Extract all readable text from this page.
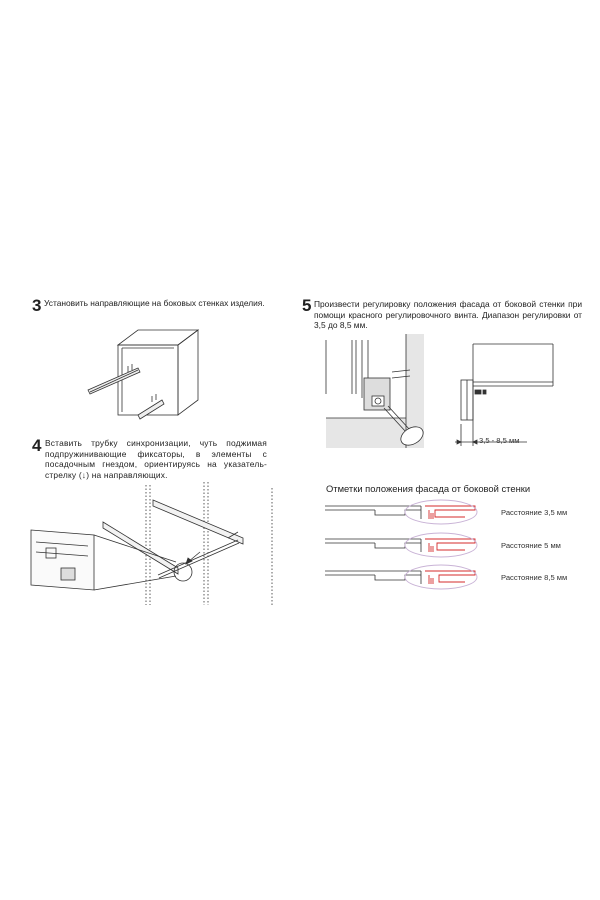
3 Установить направляющие на боковых стенках изделия.
4 Вставить трубку синхронизации, чуть поджимая подпружинивающие фиксаторы, в элементы с посадочным гнездом, ориентируясь на указатель-стрелку (↓) на направляющих.
5 Произвести регулировку положения фасада от боковой стенки при помощи красного регулировочного винта. Диапазон регулировки от 3,5 до 8,5 мм.
3,5 - 8,5 мм
Отметки положения фасада от боковой стенки
Расстояние 3,5 мм
Расстояние 5 мм
Расстояние 8,5 мм
